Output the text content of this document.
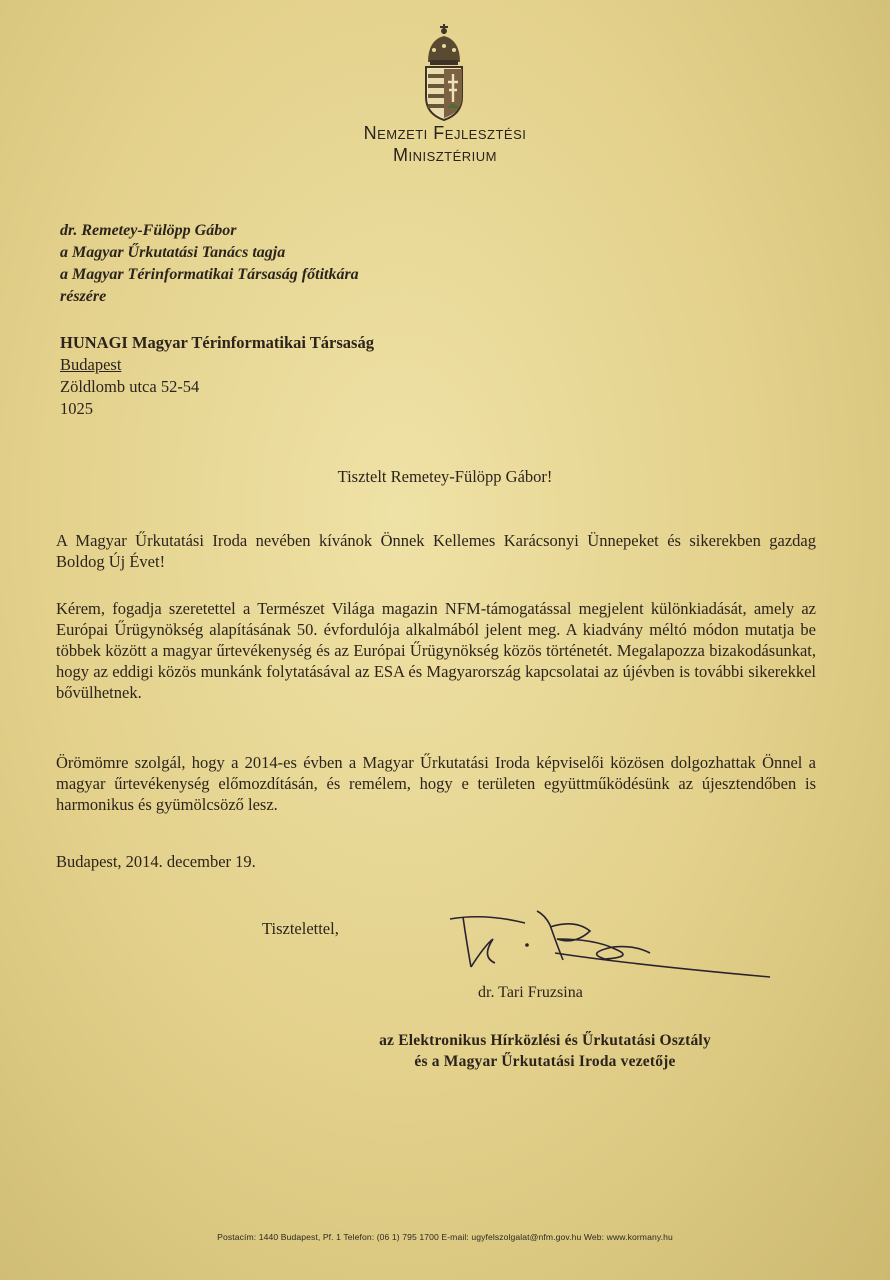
Nemzeti Fejlesztési
Minisztérium
dr. Remetey-Fülöpp Gábor
a Magyar Űrkutatási Tanács tagja
a Magyar Térinformatikai Társaság főtitkára
részére
HUNAGI Magyar Térinformatikai Társaság
Budapest
Zöldlomb utca 52-54
1025
Tisztelt Remetey-Fülöpp Gábor!
A Magyar Űrkutatási Iroda nevében kívánok Önnek Kellemes Karácsonyi Ünnepeket és sikerekben gazdag Boldog Új Évet!
Kérem, fogadja szeretettel a Természet Világa magazin NFM-támogatással megjelent különkiadását, amely az Európai Űrügynökség alapításának 50. évfordulója alkalmából jelent meg. A kiadvány méltó módon mutatja be többek között a magyar űrtevékenység és az Európai Űrügynökség közös történetét. Megalapozza bizakodásunkat, hogy az eddigi közös munkánk folytatásával az ESA és Magyarország kapcsolatai az újévben is további sikerekkel bővülhetnek.
Örömömre szolgál, hogy a 2014-es évben a Magyar Űrkutatási Iroda képviselői közösen dolgozhattak Önnel a magyar űrtevékenység előmozdításán, és remélem, hogy e területen együttműködésünk az újesztendőben is harmonikus és gyümölcsöző lesz.
Budapest, 2014. december 19.
Tisztelettel,
dr. Tari Fruzsina
az Elektronikus Hírközlési és Űrkutatási Osztály
és a Magyar Űrkutatási Iroda vezetője
Postacím: 1440 Budapest, Pf. 1 Telefon: (06 1) 795 1700 E-mail: ugyfelszolgalat@nfm.gov.hu Web: www.kormany.hu
